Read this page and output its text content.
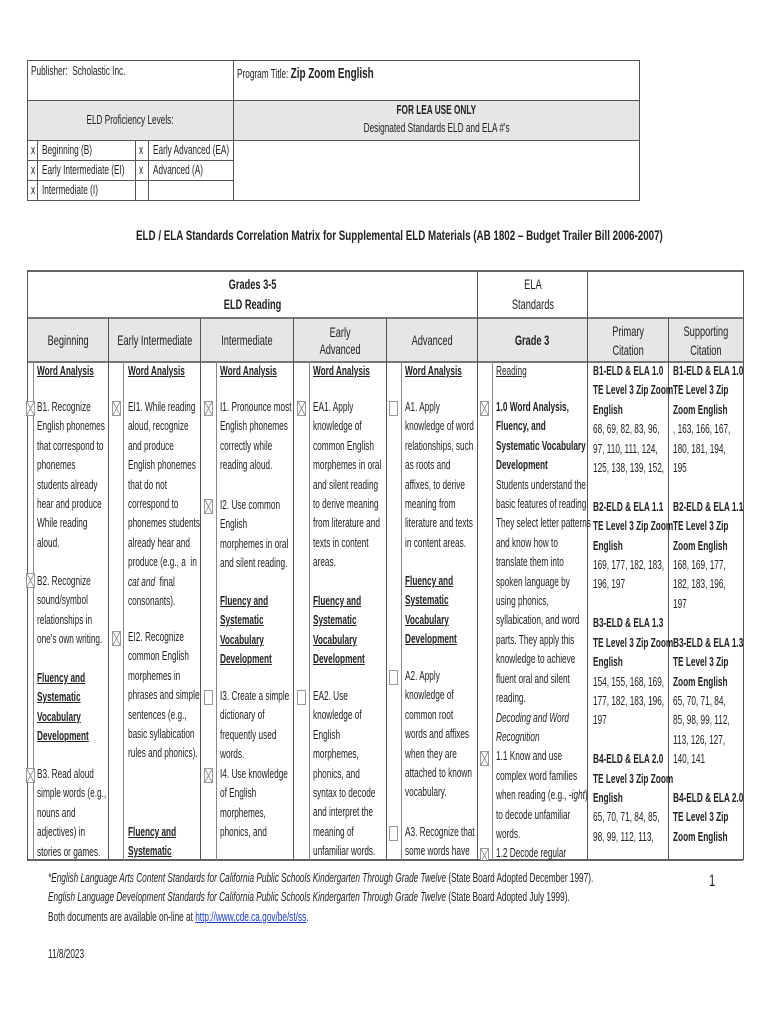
Publisher:  Scholastic Inc.	Program Title: Zip Zoom English
ELD Proficiency Levels:
FOR LEA USE ONLY
Designated Standards ELD and ELA #'s
x Beginning (B)
x Early Intermediate (EI)
x Intermediate (I)
x Early Advanced (EA)
x Advanced (A)
ELD / ELA Standards Correlation Matrix for Supplemental ELD Materials (AB 1802 – Budget Trailer Bill 2006-2007)
Grades 3-5
ELD Reading
ELA
Standards
Beginning Early Intermediate Intermediate
Early
Advanced
Advanced	Grade 3
Primary
Citation
Supporting
Citation
Word Analysis
B1. Recognize
English phonemes
that correspond to
phonemes
students already
hear and produce
While reading
aloud.
B2. Recognize
sound/symbol
relationships in
one's own writing.
Fluency and
Systematic
Vocabulary
Development
B3. Read aloud
simple words (e.g.,
nouns and
adjectives) in
stories or games.
Word Analysis
EI1. While reading
aloud, recognize
and produce
English phonemes
that do not
correspond to
phonemes students
already hear and
produce (e.g., a  in
cat and  final
consonants).
EI2. Recognize
common English
morphemes in
phrases and simple
sentences (e.g.,
basic syllabication
rules and phonics).
Fluency and
Systematic

Word Analysis
I1. Pronounce most
English phonemes
correctly while
reading aloud.
I2. Use common
English
morphemes in oral
and silent reading.
Fluency and
Systematic
Vocabulary
Development
I3. Create a simple
dictionary of
frequently used
words.
I4. Use knowledge
of English
morphemes,
phonics, and
Word Analysis
EA1. Apply
knowledge of
common English
morphemes in oral
and silent reading
to derive meaning
from literature and
texts in content
areas.
Fluency and
Systematic
Vocabulary
Development
EA2. Use
knowledge of
English
morphemes,
phonics, and
syntax to decode
and interpret the
meaning of
unfamiliar words.
Word Analysis
A1. Apply
knowledge of word
relationships, such
as roots and
affixes, to derive
meaning from
literature and texts
in content areas.
Fluency and
Systematic
Vocabulary
Development
A2. Apply
knowledge of
common root
words and affixes
when they are
attached to known
vocabulary.
A3. Recognize that
some words have
Reading
1.0 Word Analysis,
Fluency, and
Systematic Vocabulary
Development
Students understand the
basic features of reading.
They select letter patterns
and know how to
translate them into
spoken language by
using phonics,
syllabication, and word
parts. They apply this
knowledge to achieve
fluent oral and silent
reading.
Decoding and Word
Recognition
1.1 Know and use
complex word families
when reading (e.g., -ight)
to decode unfamiliar
words.
1.2 Decode regular
B1-ELD & ELA 1.0
TE Level 3 Zip Zoom
English
68, 69, 82, 83, 96,
97, 110, 111, 124,
125, 138, 139, 152,

B2-ELD & ELA 1.1
TE Level 3 Zip Zoom
English
169, 177, 182, 183,
196, 197

B3-ELD & ELA 1.3
TE Level 3 Zip Zoom
English
154, 155, 168, 169,
177, 182, 183, 196,
197

B4-ELD & ELA 2.0
TE Level 3 Zip Zoom
English
65, 70, 71, 84, 85,
98, 99, 112, 113,
B1-ELD & ELA 1.0
TE Level 3 Zip
Zoom English
, 163, 166, 167,
180, 181, 194,
195

B2-ELD & ELA 1.1
TE Level 3 Zip
Zoom English
168, 169, 177,
182, 183, 196,
197

B3-ELD & ELA 1.3
TE Level 3 Zip
Zoom English
65, 70, 71, 84,
85, 98, 99, 112,
113, 126, 127,
140, 141

B4-ELD & ELA 2.0
TE Level 3 Zip
Zoom English
*English Language Arts Content Standards for California Public Schools Kindergarten Through Grade Twelve (State Board Adopted December 1997).
English Language Development Standards for California Public Schools Kindergarten Through Grade Twelve (State Board Adopted July 1999).
Both documents are available on-line at http://www.cde.ca.gov/be/st/ss.
11/8/2023
1
